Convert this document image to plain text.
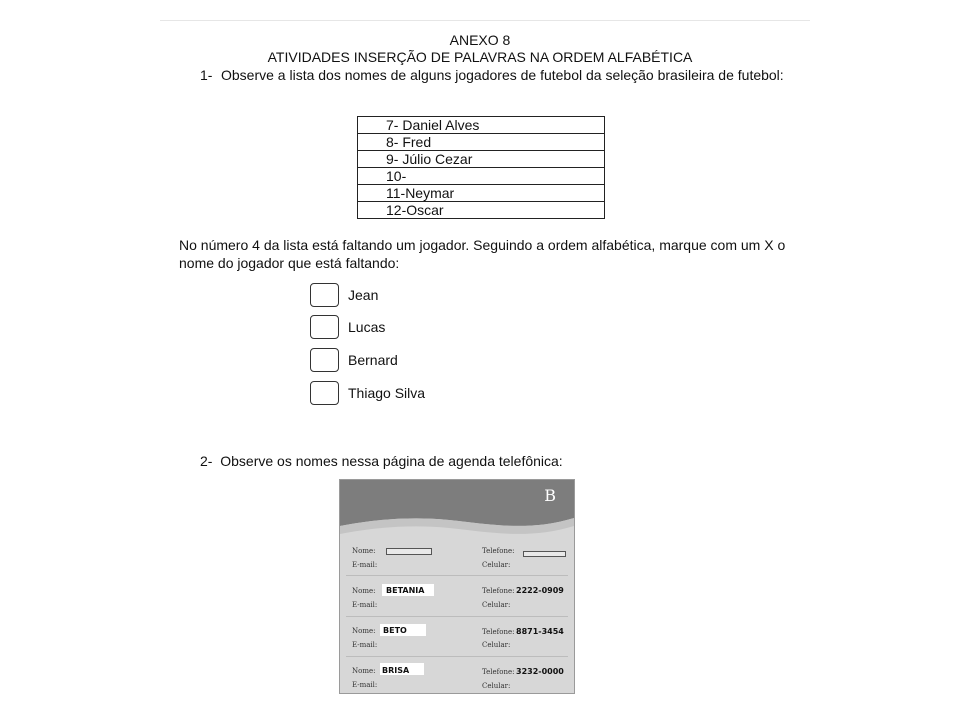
ANEXO 8
ATIVIDADES INSERÇÃO DE PALAVRAS NA ORDEM ALFABÉTICA
1- Observe a lista dos nomes de alguns jogadores de futebol da seleção brasileira de futebol:
7- Daniel Alves
8- Fred
9- Júlio Cezar
10-
11-Neymar
12-Oscar
No número 4 da lista está faltando um jogador. Seguindo a ordem alfabética, marque com um X o nome do jogador que está faltando:
Jean
Lucas
Bernard
Thiago Silva
2- Observe os nomes nessa página de agenda telefônica:
B
Nome:
E-mail:
Telefone:
Celular:
Nome: BETANIA
E-mail:
Telefone: 2222-0909
Celular:
Nome: BETO
E-mail:
Telefone: 8871-3454
Celular:
Nome: BRISA
E-mail:
Telefone: 3232-0000
Celular:
